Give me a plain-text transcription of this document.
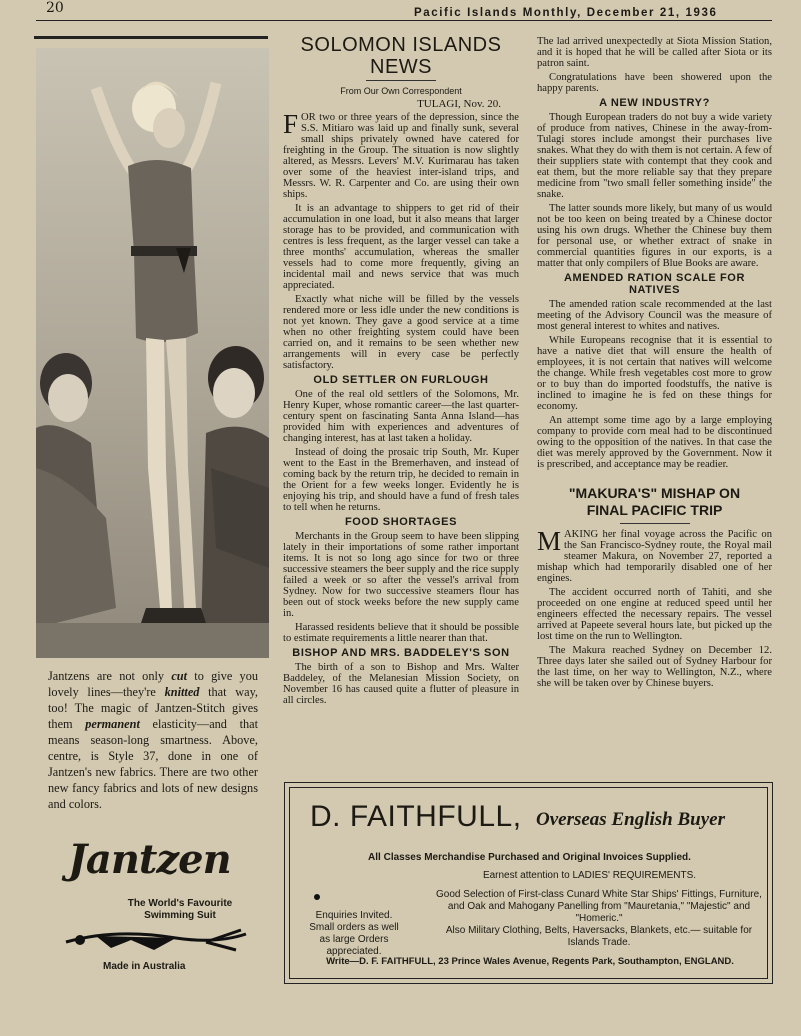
20	Pacific Islands Monthly, December 21, 1936
Jantzens are not only cut to give you lovely lines—they're knitted that way, too! The magic of Jantzen-Stitch gives them permanent elasticity—and that means season-long smartness. Above, centre, is Style 37, done in one of Jantzen's new fabrics. There are two other new fancy fabrics and lots of new designs and colors.
Jantzen
The World's Favourite
Swimming Suit
Made in Australia
SOLOMON ISLANDS
NEWS
From Our Own Correspondent
TULAGI, Nov. 20.

FOR two or three years of the depression, since the S.S. Mitiaro was laid up and finally sunk, several small ships privately owned have catered for freighting in the Group. The situation is now slightly altered, as Messrs. Levers' M.V. Kurimarau has taken over some of the heaviest inter-island trips, and Messrs. W. R. Carpenter and Co. are using their own ships.

It is an advantage to shippers to get rid of their accumulation in one load, but it also means that larger storage has to be provided, and communication with centres is less frequent, as the larger vessel can take a three months' accumulation, whereas the smaller vessels had to come more frequently, giving an incidental mail and news service that was much appreciated.

Exactly what niche will be filled by the vessels rendered more or less idle under the new conditions is not yet known. They gave a good service at a time when no other freighting system could have been carried on, and it remains to be seen whether new arrangements will in every case be perfectly satisfactory.

OLD SETTLER ON FURLOUGH

One of the real old settlers of the Solomons, Mr. Henry Kuper, whose romantic career—the last quarter-century spent on fascinating Santa Anna Island—has provided him with experiences and adventures of changing interest, has at last taken a holiday.

Instead of doing the prosaic trip South, Mr. Kuper went to the East in the Bremerhaven, and instead of coming back by the return trip, he decided to remain in the Orient for a few weeks longer. Evidently he is enjoying his trip, and should have a fund of fresh tales to tell when he returns.

FOOD SHORTAGES

Merchants in the Group seem to have been slipping lately in their importations of some rather important items. It is not so long ago since for two or three successive steamers the beer supply and the rice supply failed a week or so after the vessel's arrival from Sydney. Now for two successive steamers flour has been out of stock weeks before the new supply came in.

Harassed residents believe that it should be possible to estimate requirements a little nearer than that.

BISHOP AND MRS. BADDELEY'S SON

The birth of a son to Bishop and Mrs. Walter Baddeley, of the Melanesian Mission Society, on November 16 has caused quite a flutter of pleasure in all circles.

The lad arrived unexpectedly at Siota Mission Station, and it is hoped that he will be called after Siota or its patron saint.

Congratulations have been showered upon the happy parents.

A NEW INDUSTRY?

Though European traders do not buy a wide variety of produce from natives, Chinese in the away-from-Tulagi stores include amongst their purchases live snakes. What they do with them is not certain. A few of their suppliers state with contempt that they cook and eat them, but the more reliable say that they prepare medicine from "two small feller something inside" the snake.

The latter sounds more likely, but many of us would not be too keen on being treated by a Chinese doctor using his own drugs. Whether the Chinese buy them for personal use, or whether extract of snake in commercial quantities figures in our exports, is a matter that only compilers of Blue Books are aware.

AMENDED RATION SCALE FOR NATIVES

The amended ration scale recommended at the last meeting of the Advisory Council was the measure of most general interest to whites and natives.

While Europeans recognise that it is essential to have a native diet that will ensure the health of employees, it is not certain that natives will welcome the change. While fresh vegetables cost more to grow or to buy than do imported foodstuffs, the native is inclined to imagine he is fed on these things for economy.

An attempt some time ago by a large employing company to provide corn meal had to be discontinued owing to the opposition of the natives. In that case the diet was merely approved by the Government. Now it is prescribed, and acceptance may be readier.

"MAKURA'S" MISHAP ON
FINAL PACIFIC TRIP

MAKING her final voyage across the Pacific on the San Francisco-Sydney route, the Royal mail steamer Makura, on November 27, reported a mishap which had temporarily disabled one of her engines.

The accident occurred north of Tahiti, and she proceeded on one engine at reduced speed until her engineers effected the necessary repairs. The vessel arrived at Papeete several hours late, but picked up the lost time on the run to Wellington.

The Makura reached Sydney on December 12. Three days later she sailed out of Sydney Harbour for the last time, on her way to Wellington, N.Z., where she will be taken over by Chinese buyers.

D. FAITHFULL, Overseas English Buyer
All Classes Merchandise Purchased and Original Invoices Supplied.
Earnest attention to LADIES' REQUIREMENTS.
Enquiries Invited. Small orders as well as large Orders appreciated.
Good Selection of First-class Cunard White Star Ships' Fittings, Furniture, and Oak and Mahogany Panelling from "Mauretania," "Majestic" and "Homeric."
Also Military Clothing, Belts, Haversacks, Blankets, etc.— suitable for Islands Trade.
Write—D. F. FAITHFULL, 23 Prince Wales Avenue, Regents Park, Southampton, ENGLAND.
